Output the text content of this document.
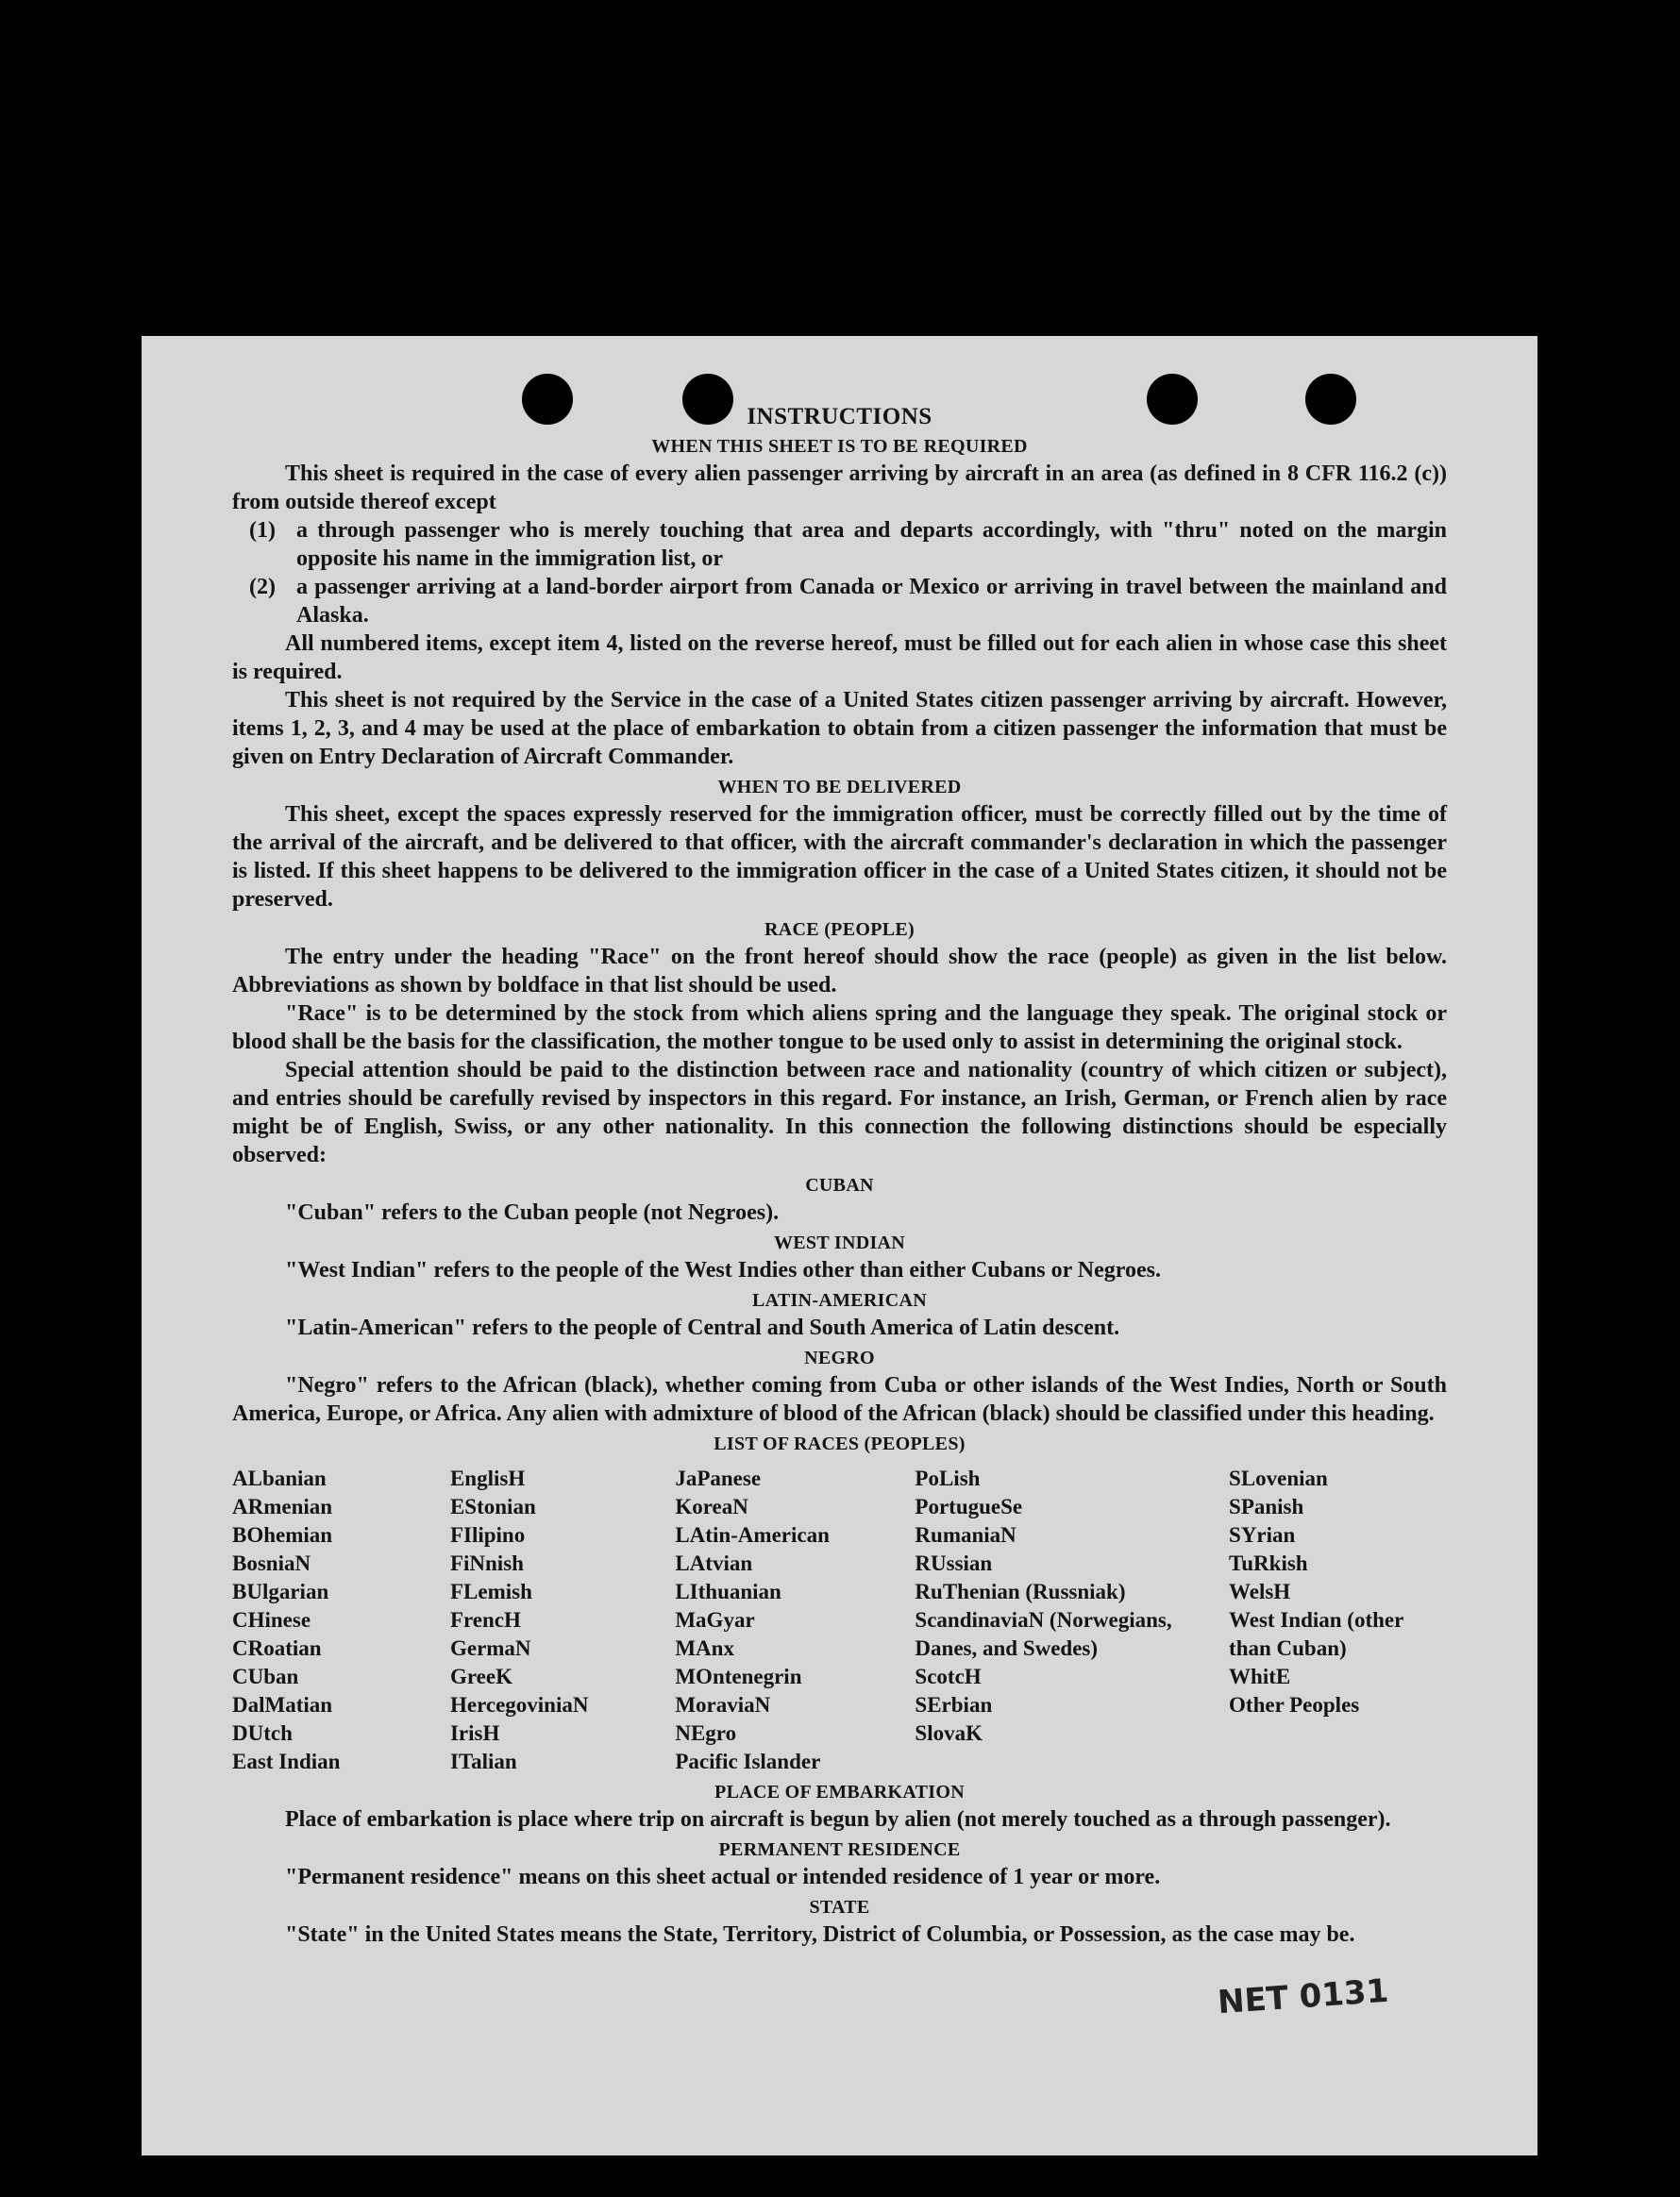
INSTRUCTIONS
WHEN THIS SHEET IS TO BE REQUIRED

This sheet is required in the case of every alien passenger arriving by aircraft in an area (as defined in 8 CFR 116.2 (c)) from outside thereof except

(1) a through passenger who is merely touching that area and departs accordingly, with "thru" noted on the margin opposite his name in the immigration list, or

(2) a passenger arriving at a land-border airport from Canada or Mexico or arriving in travel between the mainland and Alaska.

All numbered items, except item 4, listed on the reverse hereof, must be filled out for each alien in whose case this sheet is required.

This sheet is not required by the Service in the case of a United States citizen passenger arriving by aircraft. However, items 1, 2, 3, and 4 may be used at the place of embarkation to obtain from a citizen passenger the information that must be given on Entry Declaration of Aircraft Commander.

WHEN TO BE DELIVERED

This sheet, except the spaces expressly reserved for the immigration officer, must be correctly filled out by the time of the arrival of the aircraft, and be delivered to that officer, with the aircraft commander's declaration in which the passenger is listed. If this sheet happens to be delivered to the immigration officer in the case of a United States citizen, it should not be preserved.

RACE (PEOPLE)

The entry under the heading "Race" on the front hereof should show the race (people) as given in the list below. Abbreviations as shown by boldface in that list should be used.

"Race" is to be determined by the stock from which aliens spring and the language they speak. The original stock or blood shall be the basis for the classification, the mother tongue to be used only to assist in determining the original stock.

Special attention should be paid to the distinction between race and nationality (country of which citizen or subject), and entries should be carefully revised by inspectors in this regard. For instance, an Irish, German, or French alien by race might be of English, Swiss, or any other nationality. In this connection the following distinctions should be especially observed:

CUBAN

"Cuban" refers to the Cuban people (not Negroes).

WEST INDIAN

"West Indian" refers to the people of the West Indies other than either Cubans or Negroes.

LATIN-AMERICAN

"Latin-American" refers to the people of Central and South America of Latin descent.

NEGRO

"Negro" refers to the African (black), whether coming from Cuba or other islands of the West Indies, North or South America, Europe, or Africa. Any alien with admixture of blood of the African (black) should be classified under this heading.

LIST OF RACES (PEOPLES)
ALbanian
ARmenian
BOhemian
BosniaN
BUlgarian
CHinese
CRoatian
CUban
DalMatian
DUtch
East Indian
EnglisH
EStonian
FIlipino
FiNnish
FLemish
FrencH
GermaN
GreeK
HercegoviniaN
IrisH
ITalian
JaPanese
KoreaN
LAtin-American
LAtvian
LIthuanian
MaGyar
MAnx
MOntenegrin
MoraviaN
NEgro
Pacific Islander
PoLish
PortugueSe
RumaniaN
RUssian
RuThenian (Russniak)
ScandinaviaN (Norwegians, Danes, and Swedes)
ScotcH
SErbian
SlovaK
SLovenian
SPanish
SYrian
TuRkish
WelsH
West Indian (other than Cuban)
WhitE
Other Peoples
PLACE OF EMBARKATION

Place of embarkation is place where trip on aircraft is begun by alien (not merely touched as a through passenger).

PERMANENT RESIDENCE

"Permanent residence" means on this sheet actual or intended residence of 1 year or more.

STATE

"State" in the United States means the State, Territory, District of Columbia, or Possession, as the case may be.

NET 0131
